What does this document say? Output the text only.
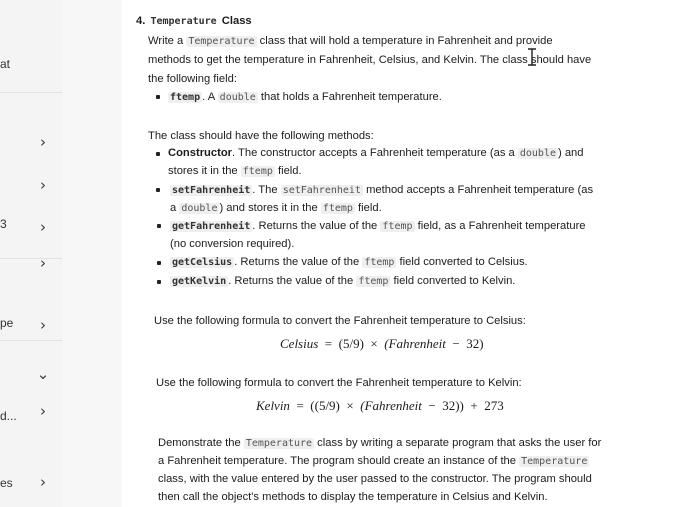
at
3
pe
d...
es
›
›
›
›
›
⌄
›
›
4. Temperature Class
Write a Temperature class that will hold a temperature in Fahrenheit and provide
methods to get the temperature in Fahrenheit, Celsius, and Kelvin. The class should have
the following field:
ftemp . A double that holds a Fahrenheit temperature.
The class should have the following methods:
Constructor. The constructor accepts a Fahrenheit temperature (as a double ) and
stores it in the ftemp field.
setFahrenheit . The setFahrenheit method accepts a Fahrenheit temperature (as
a double ) and stores it in the ftemp field.
getFahrenheit . Returns the value of the ftemp field, as a Fahrenheit temperature
(no conversion required).
getCelsius . Returns the value of the ftemp field converted to Celsius.
getKelvin . Returns the value of the ftemp field converted to Kelvin.
Use the following formula to convert the Fahrenheit temperature to Celsius:
Celsius = (5/9) × (Fahrenheit − 32)
Use the following formula to convert the Fahrenheit temperature to Kelvin:
Kelvin = ((5/9) × (Fahrenheit − 32)) + 273
Demonstrate the Temperature class by writing a separate program that asks the user for
a Fahrenheit temperature. The program should create an instance of the Temperature
class, with the value entered by the user passed to the constructor. The program should
then call the object's methods to display the temperature in Celsius and Kelvin.
